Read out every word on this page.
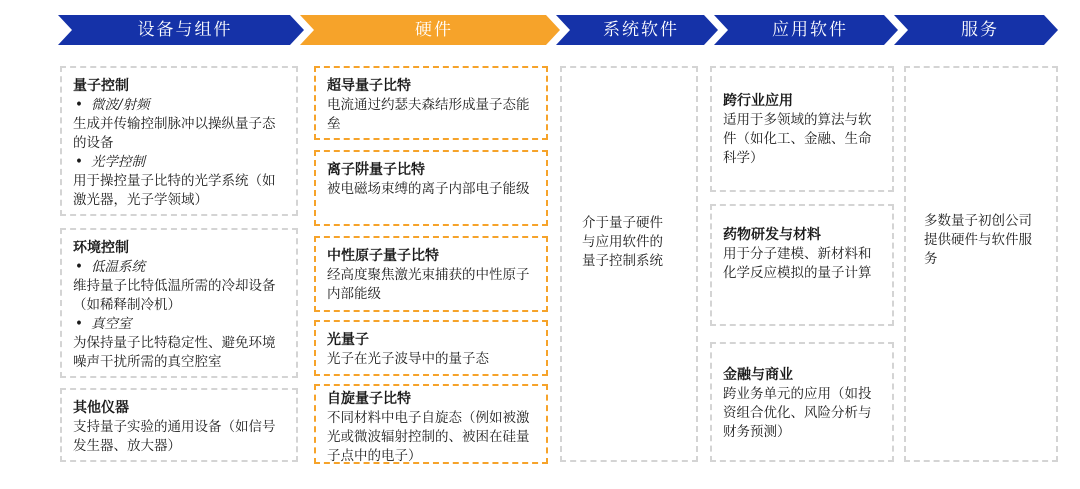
设备与组件	硬件	系统软件	应用软件	服务
量子控制
• 微波/射频
生成并传输控制脉冲以操纵量子态的设备
• 光学控制
用于操控量子比特的光学系统（如激光器，光子学领域）
环境控制
• 低温系统
维持量子比特低温所需的冷却设备（如稀释制冷机）
• 真空室
为保持量子比特稳定性、避免环境噪声干扰所需的真空腔室
其他仪器
支持量子实验的通用设备（如信号发生器、放大器）
超导量子比特
电流通过约瑟夫森结形成量子态能垒
离子阱量子比特
被电磁场束缚的离子内部电子能级
中性原子量子比特
经高度聚焦激光束捕获的中性原子内部能级
光量子
光子在光子波导中的量子态
自旋量子比特
不同材料中电子自旋态（例如被激光或微波辐射控制的、被困在硅量子点中的电子）
介于量子硬件与应用软件的量子控制系统
跨行业应用
适用于多领域的算法与软件（如化工、金融、生命科学）
药物研发与材料
用于分子建模、新材料和化学反应模拟的量子计算
金融与商业
跨业务单元的应用（如投资组合优化、风险分析与财务预测）
多数量子初创公司提供硬件与软件服务
